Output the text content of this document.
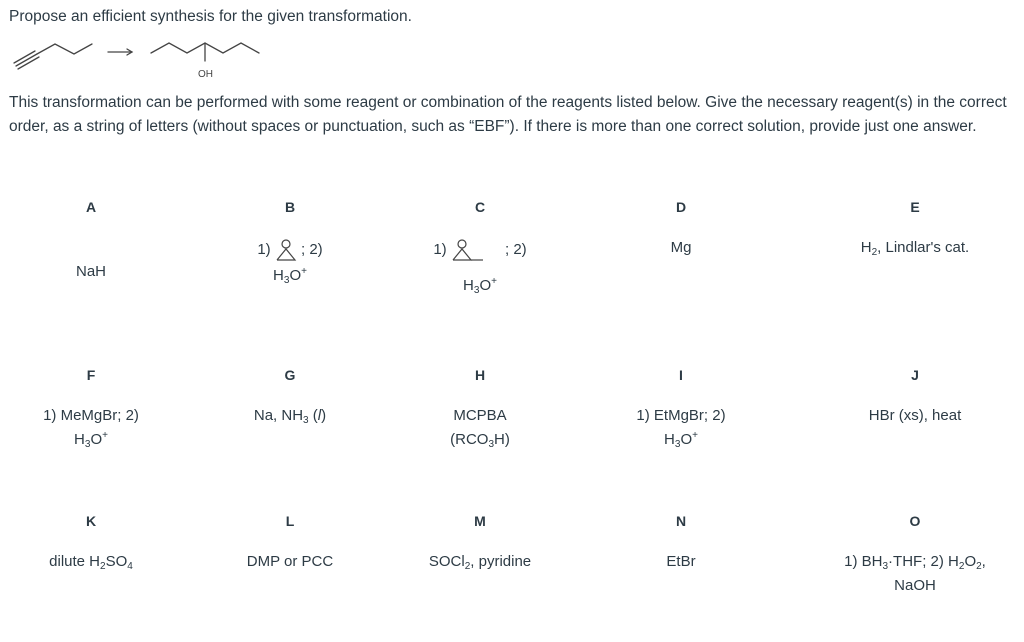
Propose an efficient synthesis for the given transformation.

OH

This transformation can be performed with some reagent or combination of the reagents listed below. Give the necessary reagent(s) in the correct order, as a string of letters (without spaces or punctuation, such as “EBF”). If there is more than one correct solution, provide just one answer.

A
NaH
B
1) ; 2)
$H_3O^+$
C
1)	; 2)
$H_3O^+$
D
Mg
E
$H_2$, Lindlar's cat.
F
1) MeMgBr; 2)
$H_3O^+$
G
Na, $NH_3$ (l)
H
MCPBA
$(RCO_3H)$
I
1) EtMgBr; 2)
$H_3O^+$
J
HBr (xs), heat
K
dilute $H_2SO_4$
L
DMP or PCC
M
SOCl$_2$, pyridine
N
EtBr
O
1) $BH_3\cdot THF$; 2) $H_2O_2$,
NaOH
